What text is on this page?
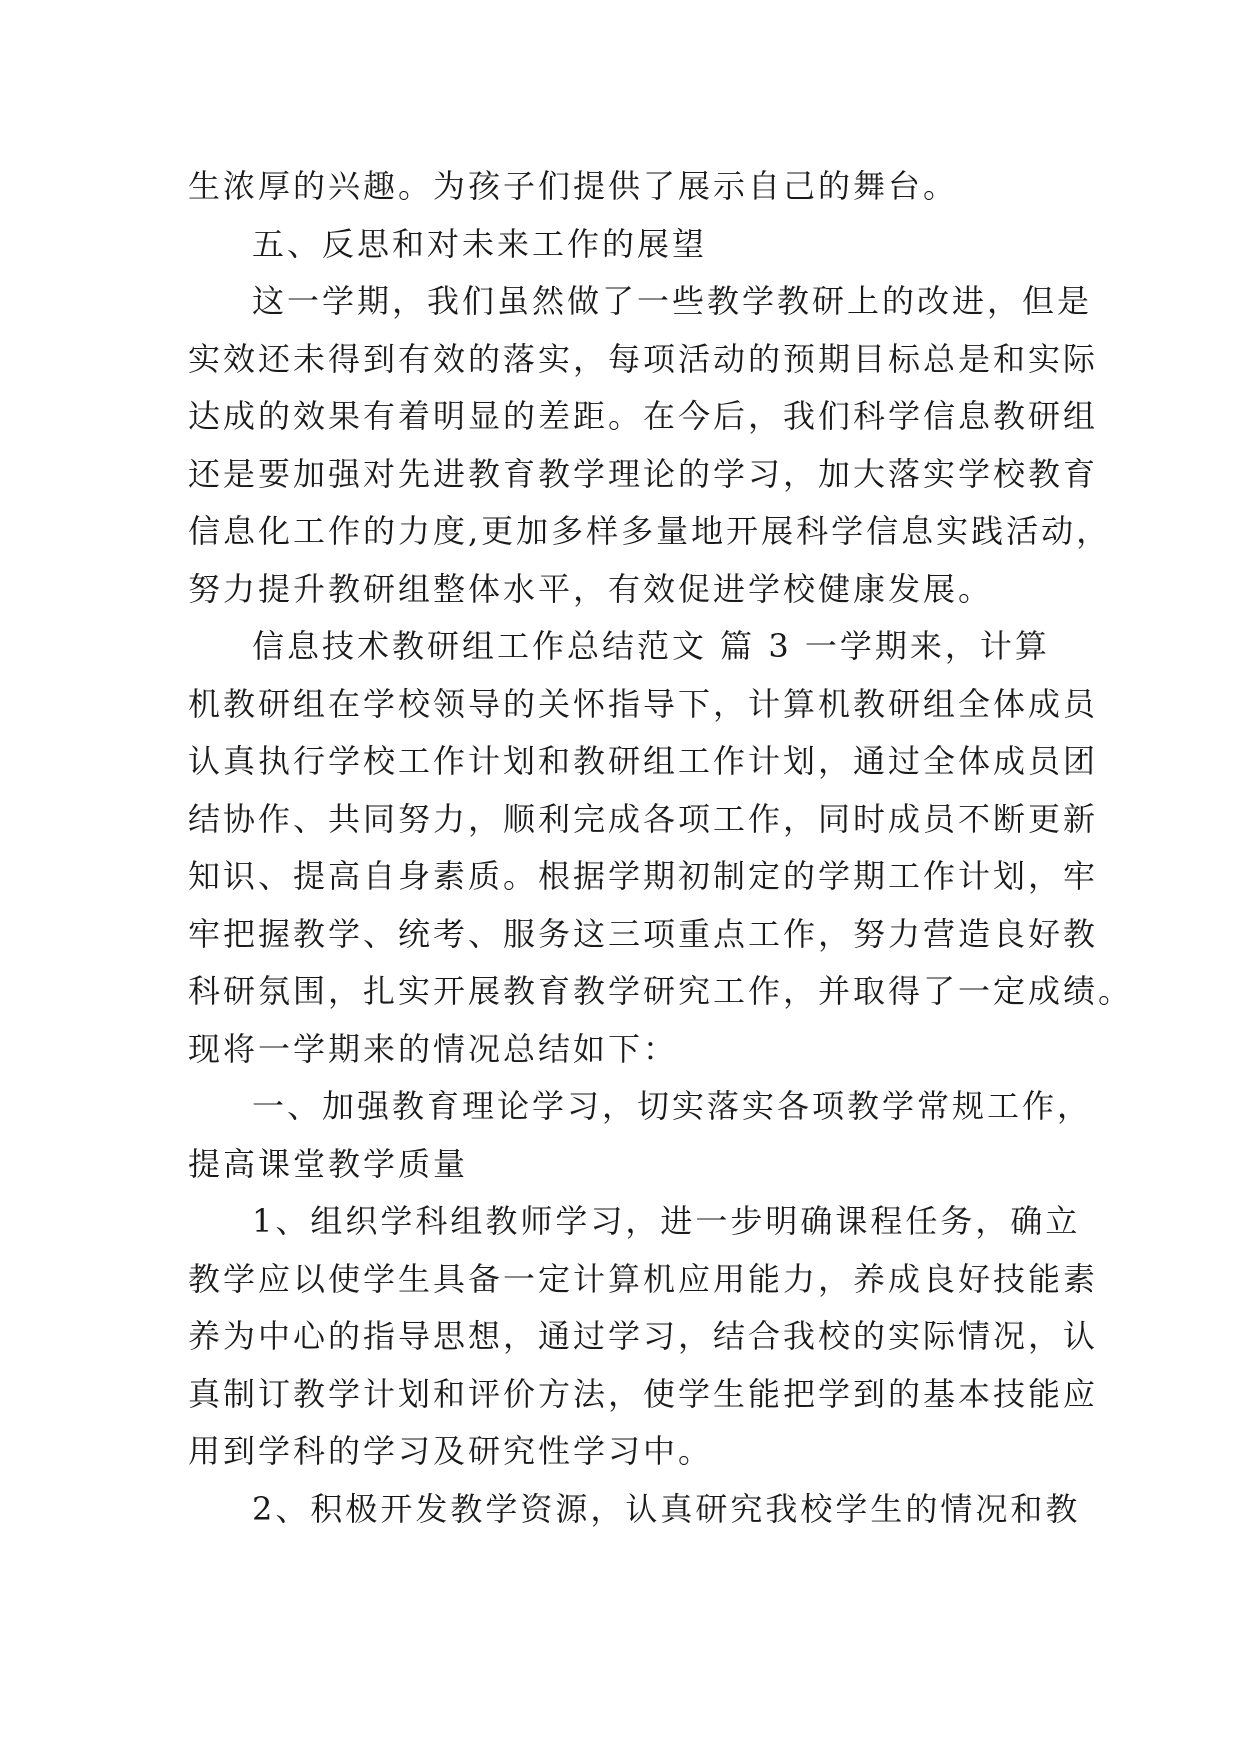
生浓厚的兴趣。为孩子们提供了展示自己的舞台。
五、反思和对未来工作的展望
这一学期，我们虽然做了一些教学教研上的改进，但是
实效还未得到有效的落实，每项活动的预期目标总是和实际
达成的效果有着明显的差距。在今后，我们科学信息教研组
还是要加强对先进教育教学理论的学习，加大落实学校教育
信息化工作的力度,更加多样多量地开展科学信息实践活动，
努力提升教研组整体水平，有效促进学校健康发展。
信息技术教研组工作总结范文 篇 3 一学期来，计算
机教研组在学校领导的关怀指导下，计算机教研组全体成员
认真执行学校工作计划和教研组工作计划，通过全体成员团
结协作、共同努力，顺利完成各项工作，同时成员不断更新
知识、提高自身素质。根据学期初制定的学期工作计划，牢
牢把握教学、统考、服务这三项重点工作，努力营造良好教
科研氛围，扎实开展教育教学研究工作，并取得了一定成绩。
现将一学期来的情况总结如下：
一、加强教育理论学习，切实落实各项教学常规工作，
提高课堂教学质量
1、组织学科组教师学习，进一步明确课程任务，确立
教学应以使学生具备一定计算机应用能力，养成良好技能素
养为中心的指导思想，通过学习，结合我校的实际情况，认
真制订教学计划和评价方法，使学生能把学到的基本技能应
用到学科的学习及研究性学习中。
2、积极开发教学资源，认真研究我校学生的情况和教
